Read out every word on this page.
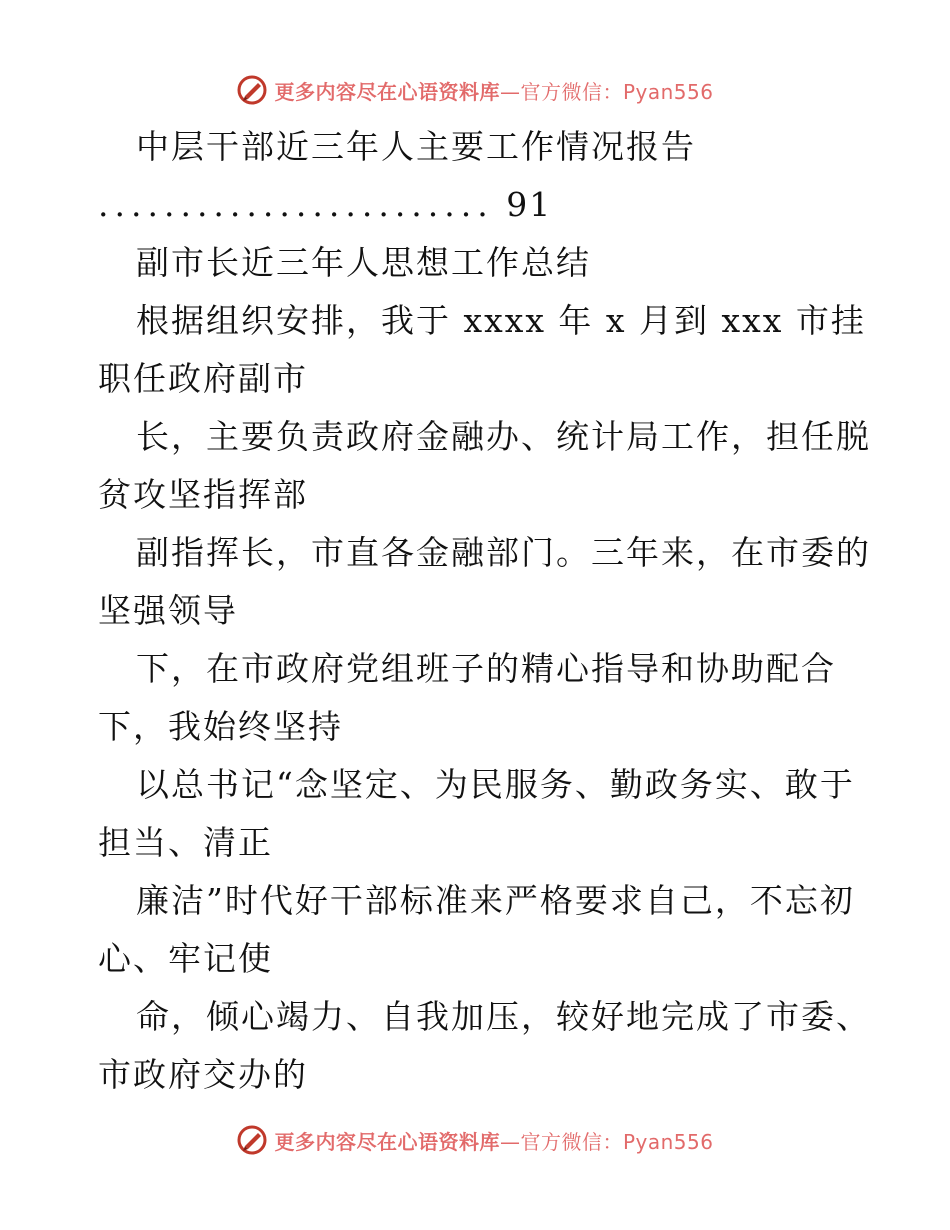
更多内容尽在心语资料库 —官方微信：Pyan556
中层干部近三年人主要工作情况报告
........................ 91
副市长近三年人思想工作总结
根据组织安排，我于 xxxx 年 x 月到 xxx 市挂
职任政府副市
长，主要负责政府金融办、统计局工作，担任脱
贫攻坚指挥部
副指挥长，市直各金融部门。三年来，在市委的
坚强领导
下，在市政府党组班子的精心指导和协助配合
下，我始终坚持
以总书记“念坚定、为民服务、勤政务实、敢于
担当、清正
廉洁”时代好干部标准来严格要求自己，不忘初
心、牢记使
命，倾心竭力、自我加压，较好地完成了市委、
市政府交办的
更多内容尽在心语资料库 —官方微信：Pyan556
